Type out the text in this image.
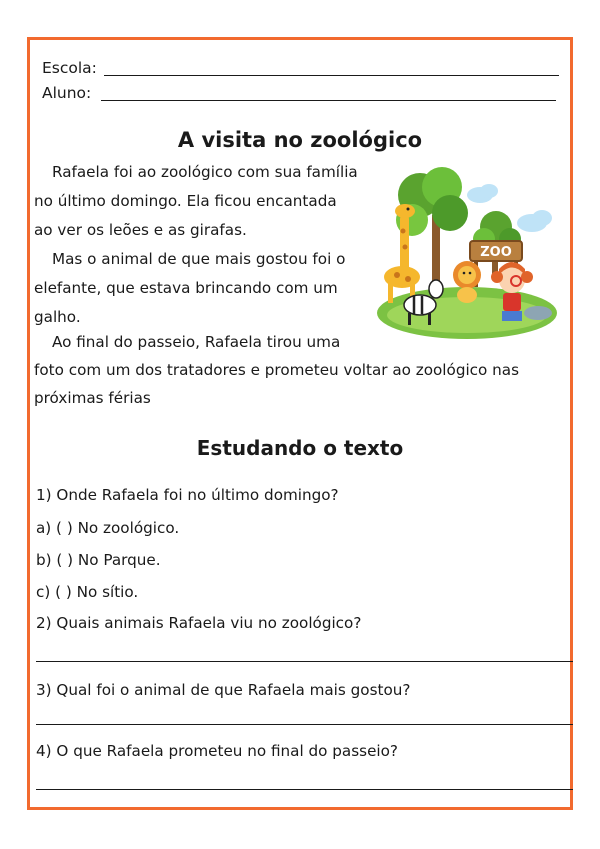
Escola:
Aluno:
A visita no zoológico
Rafaela foi ao zoológico com sua família
no último domingo. Ela ficou encantada
ao ver os leões e as girafas.
Mas o animal de que mais gostou foi o
elefante, que estava brincando com um
galho.
Ao final do passeio, Rafaela tirou uma
foto com um dos tratadores e prometeu voltar ao zoológico nas
próximas férias
ZOO
Estudando o texto
1) Onde Rafaela foi no último domingo?
a) ( ) No zoológico.
b) ( ) No Parque.
c) ( ) No sítio.
2) Quais animais Rafaela viu no zoológico?
3) Qual foi o animal de que Rafaela mais gostou?
4) O que Rafaela prometeu no final do passeio?
